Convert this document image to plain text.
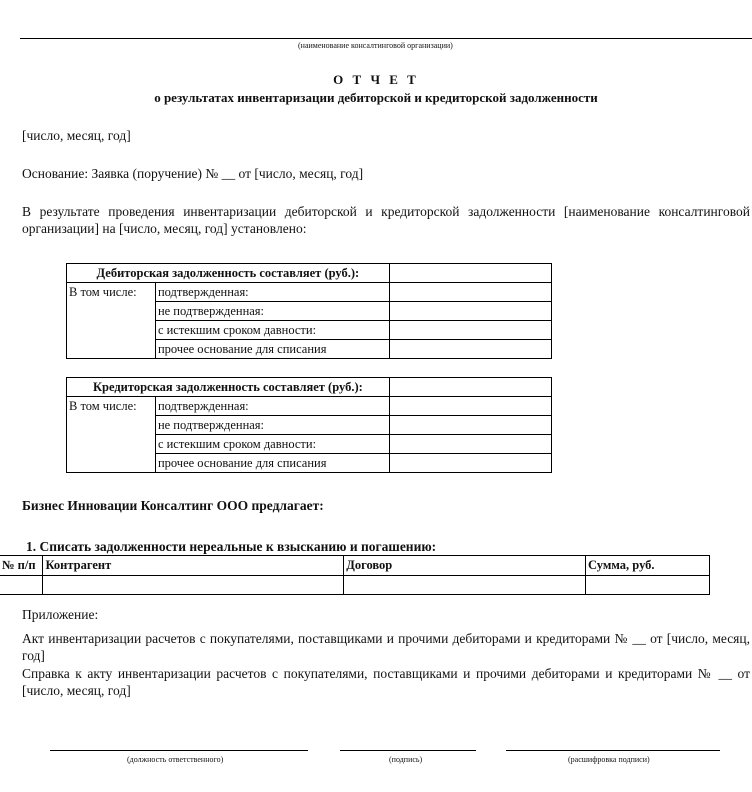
(наименование консалтинговой организации)
О Т Ч Е Т
о результатах инвентаризации дебиторской и кредиторской задолженности
[число, месяц, год]
Основание: Заявка (поручение) № __ от [число, месяц, год]
В результате проведения инвентаризации дебиторской и кредиторской задолженности [наименование консалтинговой организации] на [число, месяц, год] установлено:
Дебиторская задолженность составляет (руб.):		
В том числе:	подтвержденная:	
	не подтвержденная:	
	с истекшим сроком давности:	
	прочее основание для списания	
Кредиторская задолженность составляет (руб.):		
В том числе:	подтвержденная:	
	не подтвержденная:	
	с истекшим сроком давности:	
	прочее основание для списания	
Бизнес Инновации Консалтинг ООО предлагает:
1. Списать задолженности нереальные к взысканию и погашению:
№ п/п	Контрагент	Договор	Сумма, руб.

Приложение:
Акт инвентаризации расчетов с покупателями, поставщиками и прочими дебиторами и кредиторами № __ от [число, месяц, год]
Справка к акту инвентаризации расчетов с покупателями, поставщиками и прочими дебиторами и кредиторами № __ от [число, месяц, год]
(должность ответственного)	(подпись)	(расшифровка подписи)
